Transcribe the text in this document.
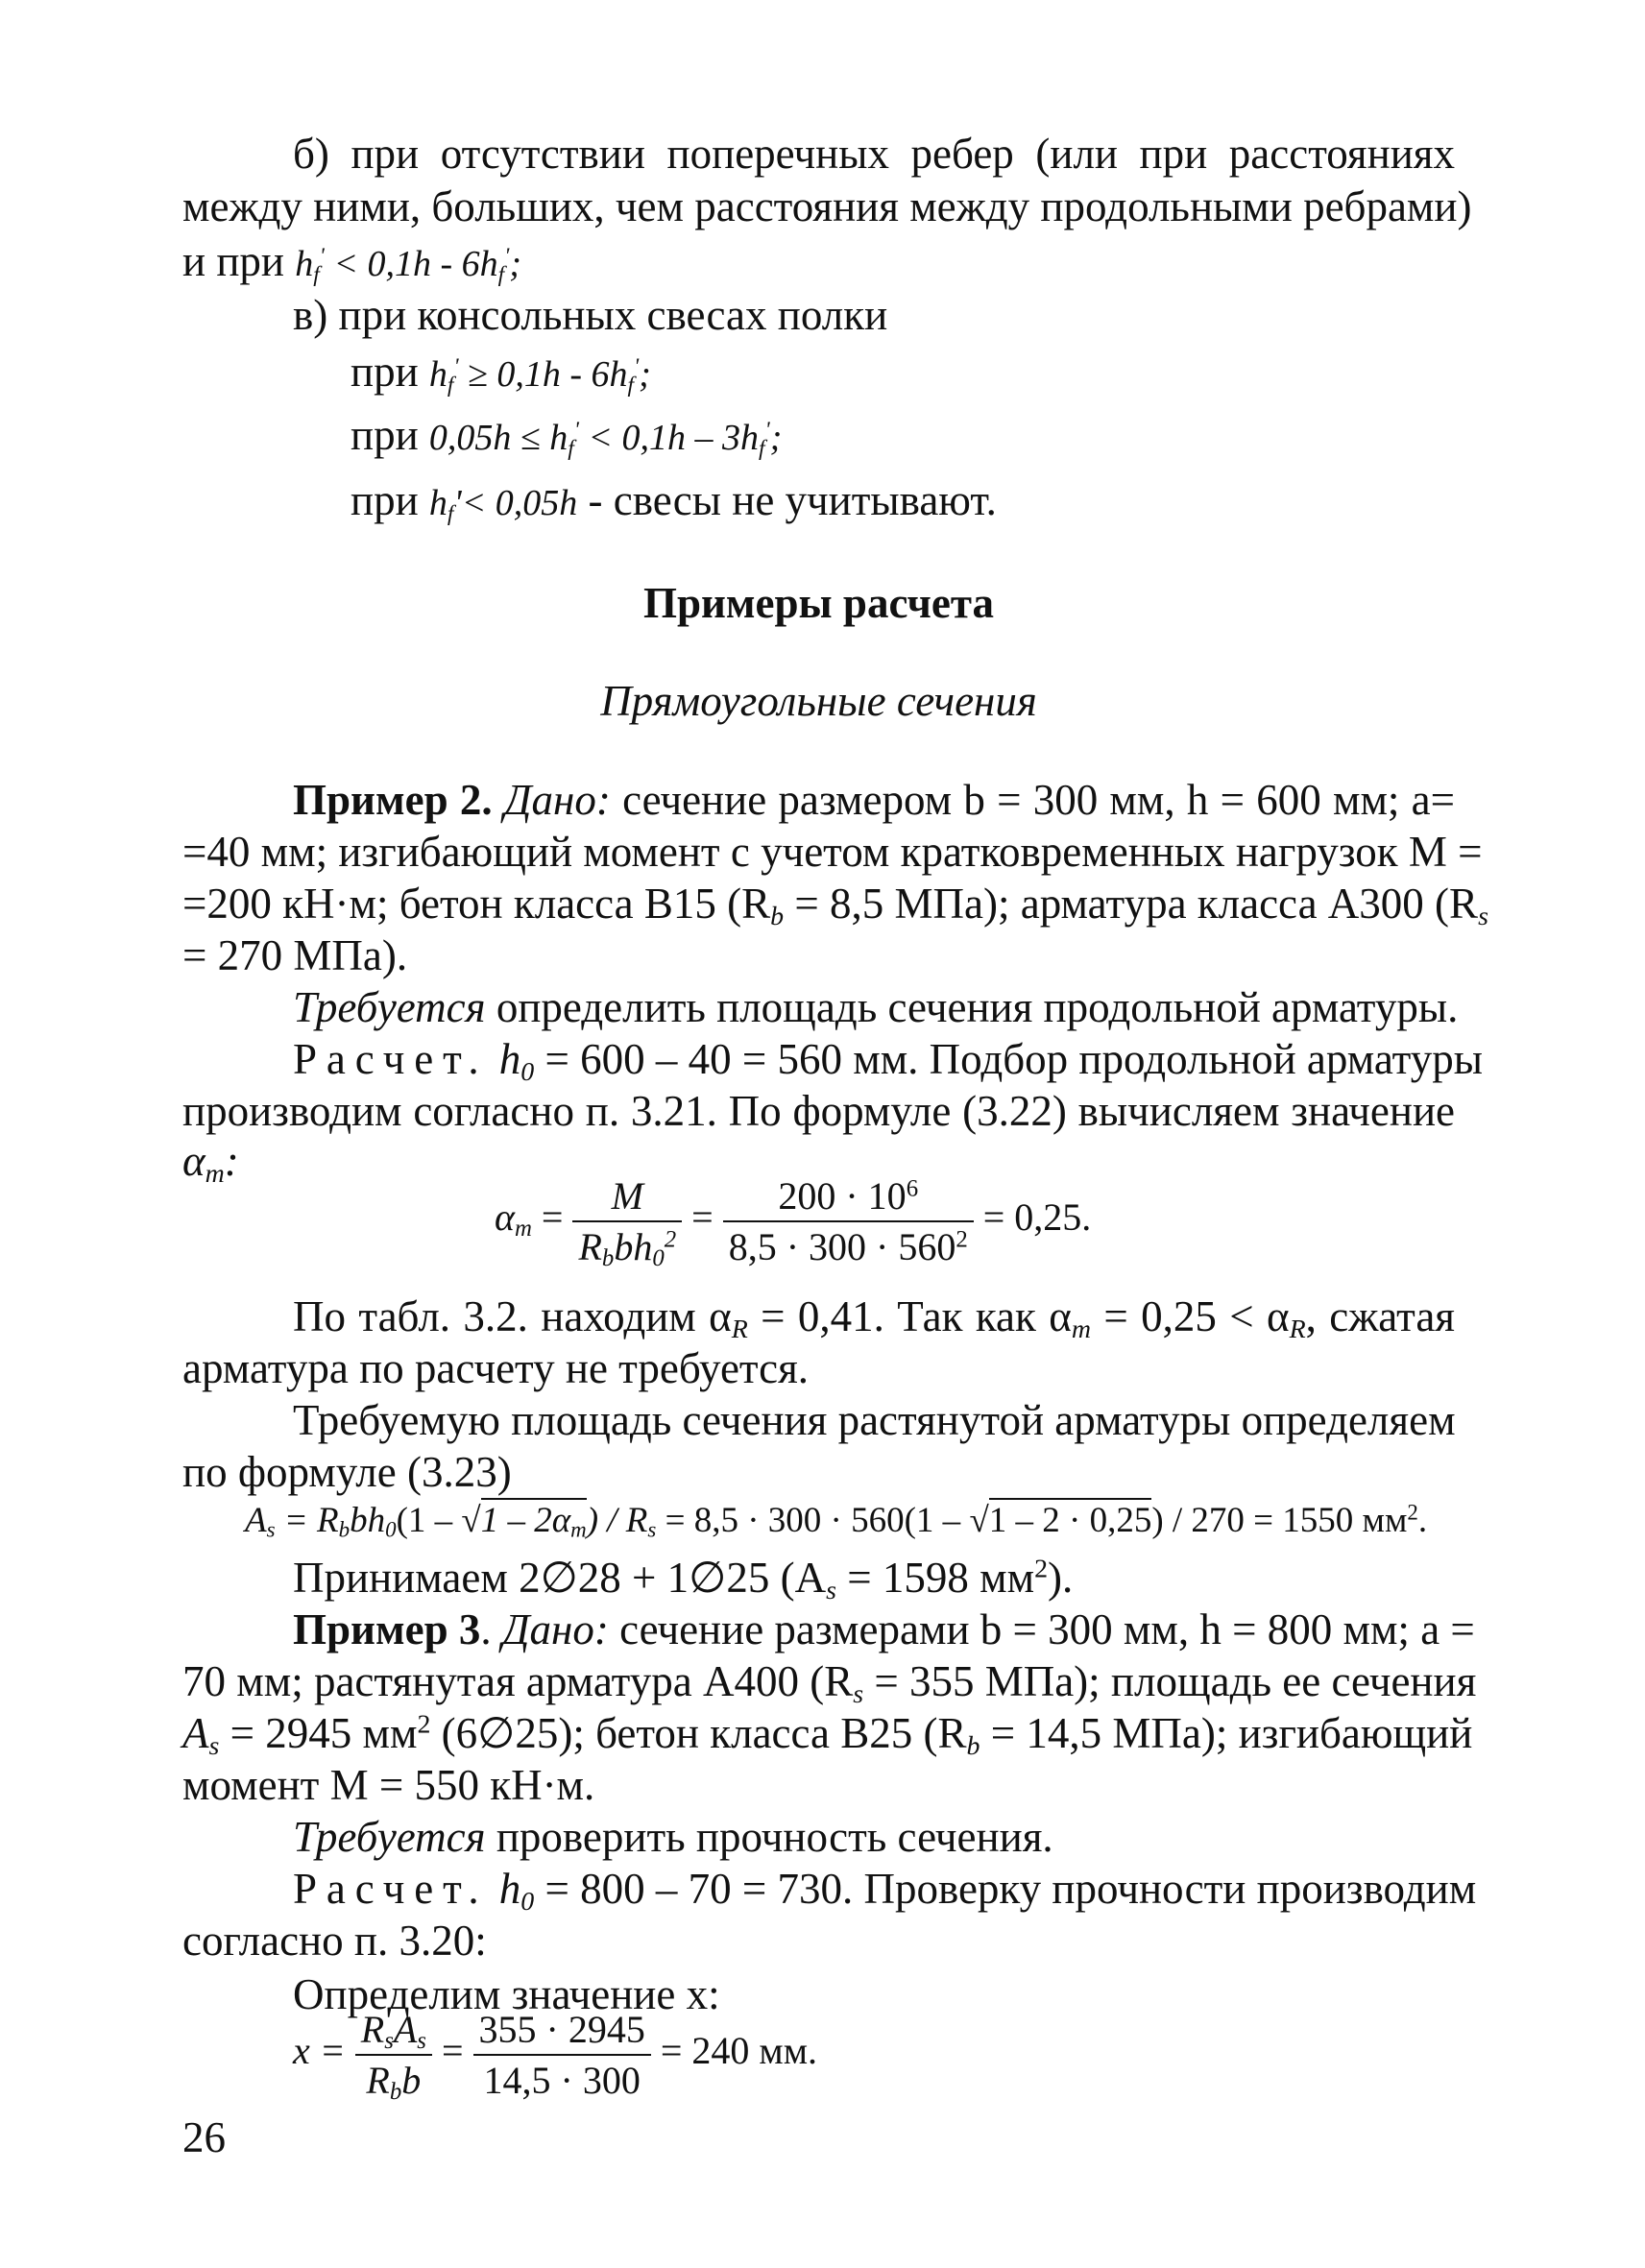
б) при отсутствии поперечных ребер (или при расстояниях
между ними, больших, чем расстояния между продольными ребрами)
и при $h_f' < 0,1h - 6h_f'$;
в) при консольных свесах полки
при $h_f' \ge 0,1h - 6h_f'$;
при $0,05h \le h_f' < 0,1h - 3h_f'$;
при $h_f'< 0,05h$ - свесы не учитывают.
Примеры расчета
Прямоугольные сечения
Пример 2. Дано: сечение размером b = 300 мм, h = 600 мм; a=
=40 мм; изгибающий момент с учетом кратковременных нагрузок M =
=200 кН·м; бетон класса В15 ($R_b = 8,5$ МПа); арматура класса А300 ($R_s$
= 270 МПа).
Требуется определить площадь сечения продольной арматуры.
Расчет. $h_0 = 600 - 40 = 560$ мм. Подбор продольной арматуры
производим согласно п. 3.21. По формуле (3.22) вычисляем значение
$\alpha_m$:
$\alpha_m = \frac{M}{R_bbh_0^2} = \frac{200 \cdot 10^6}{8,5 \cdot 300 \cdot 560^2} = 0,25$.
По табл. 3.2. находим $\alpha_R = 0,41$. Так как $\alpha_m = 0,25 < \alpha_R$, сжатая
арматура по расчету не требуется.
Требуемую площадь сечения растянутой арматуры определяем
по формуле (3.23)
$A_s = R_bbh_0(1 - √1 - 2\alpha_m) / R_s = 8,5 \cdot 300 \cdot 560(1 - √1 - 2 \cdot 0,25) / 270 = 1550$ $мм^2$.
Принимаем 2∅28 + 1∅25 ($A_s = 1598$ $мм^2$).
Пример 3. Дано: сечение размерами b = 300 мм, h = 800 мм; a =
70 мм; растянутая арматура А400 ($R_s = 355$ МПа); площадь ее сечения
$A_s = 2945$ $мм^2$ (6∅25); бетон класса В25 ($R_b = 14,5$ МПа); изгибающий
момент M = 550 кН·м.
Требуется проверить прочность сечения.
Расчет. $h_0 = 800 - 70 = 730$. Проверку прочности производим
согласно п. 3.20:
Определим значение x:
$x = \frac{R_sA_s}{R_bb} = \frac{355 \cdot 2945}{14,5 \cdot 300} = 240$ мм.
26
